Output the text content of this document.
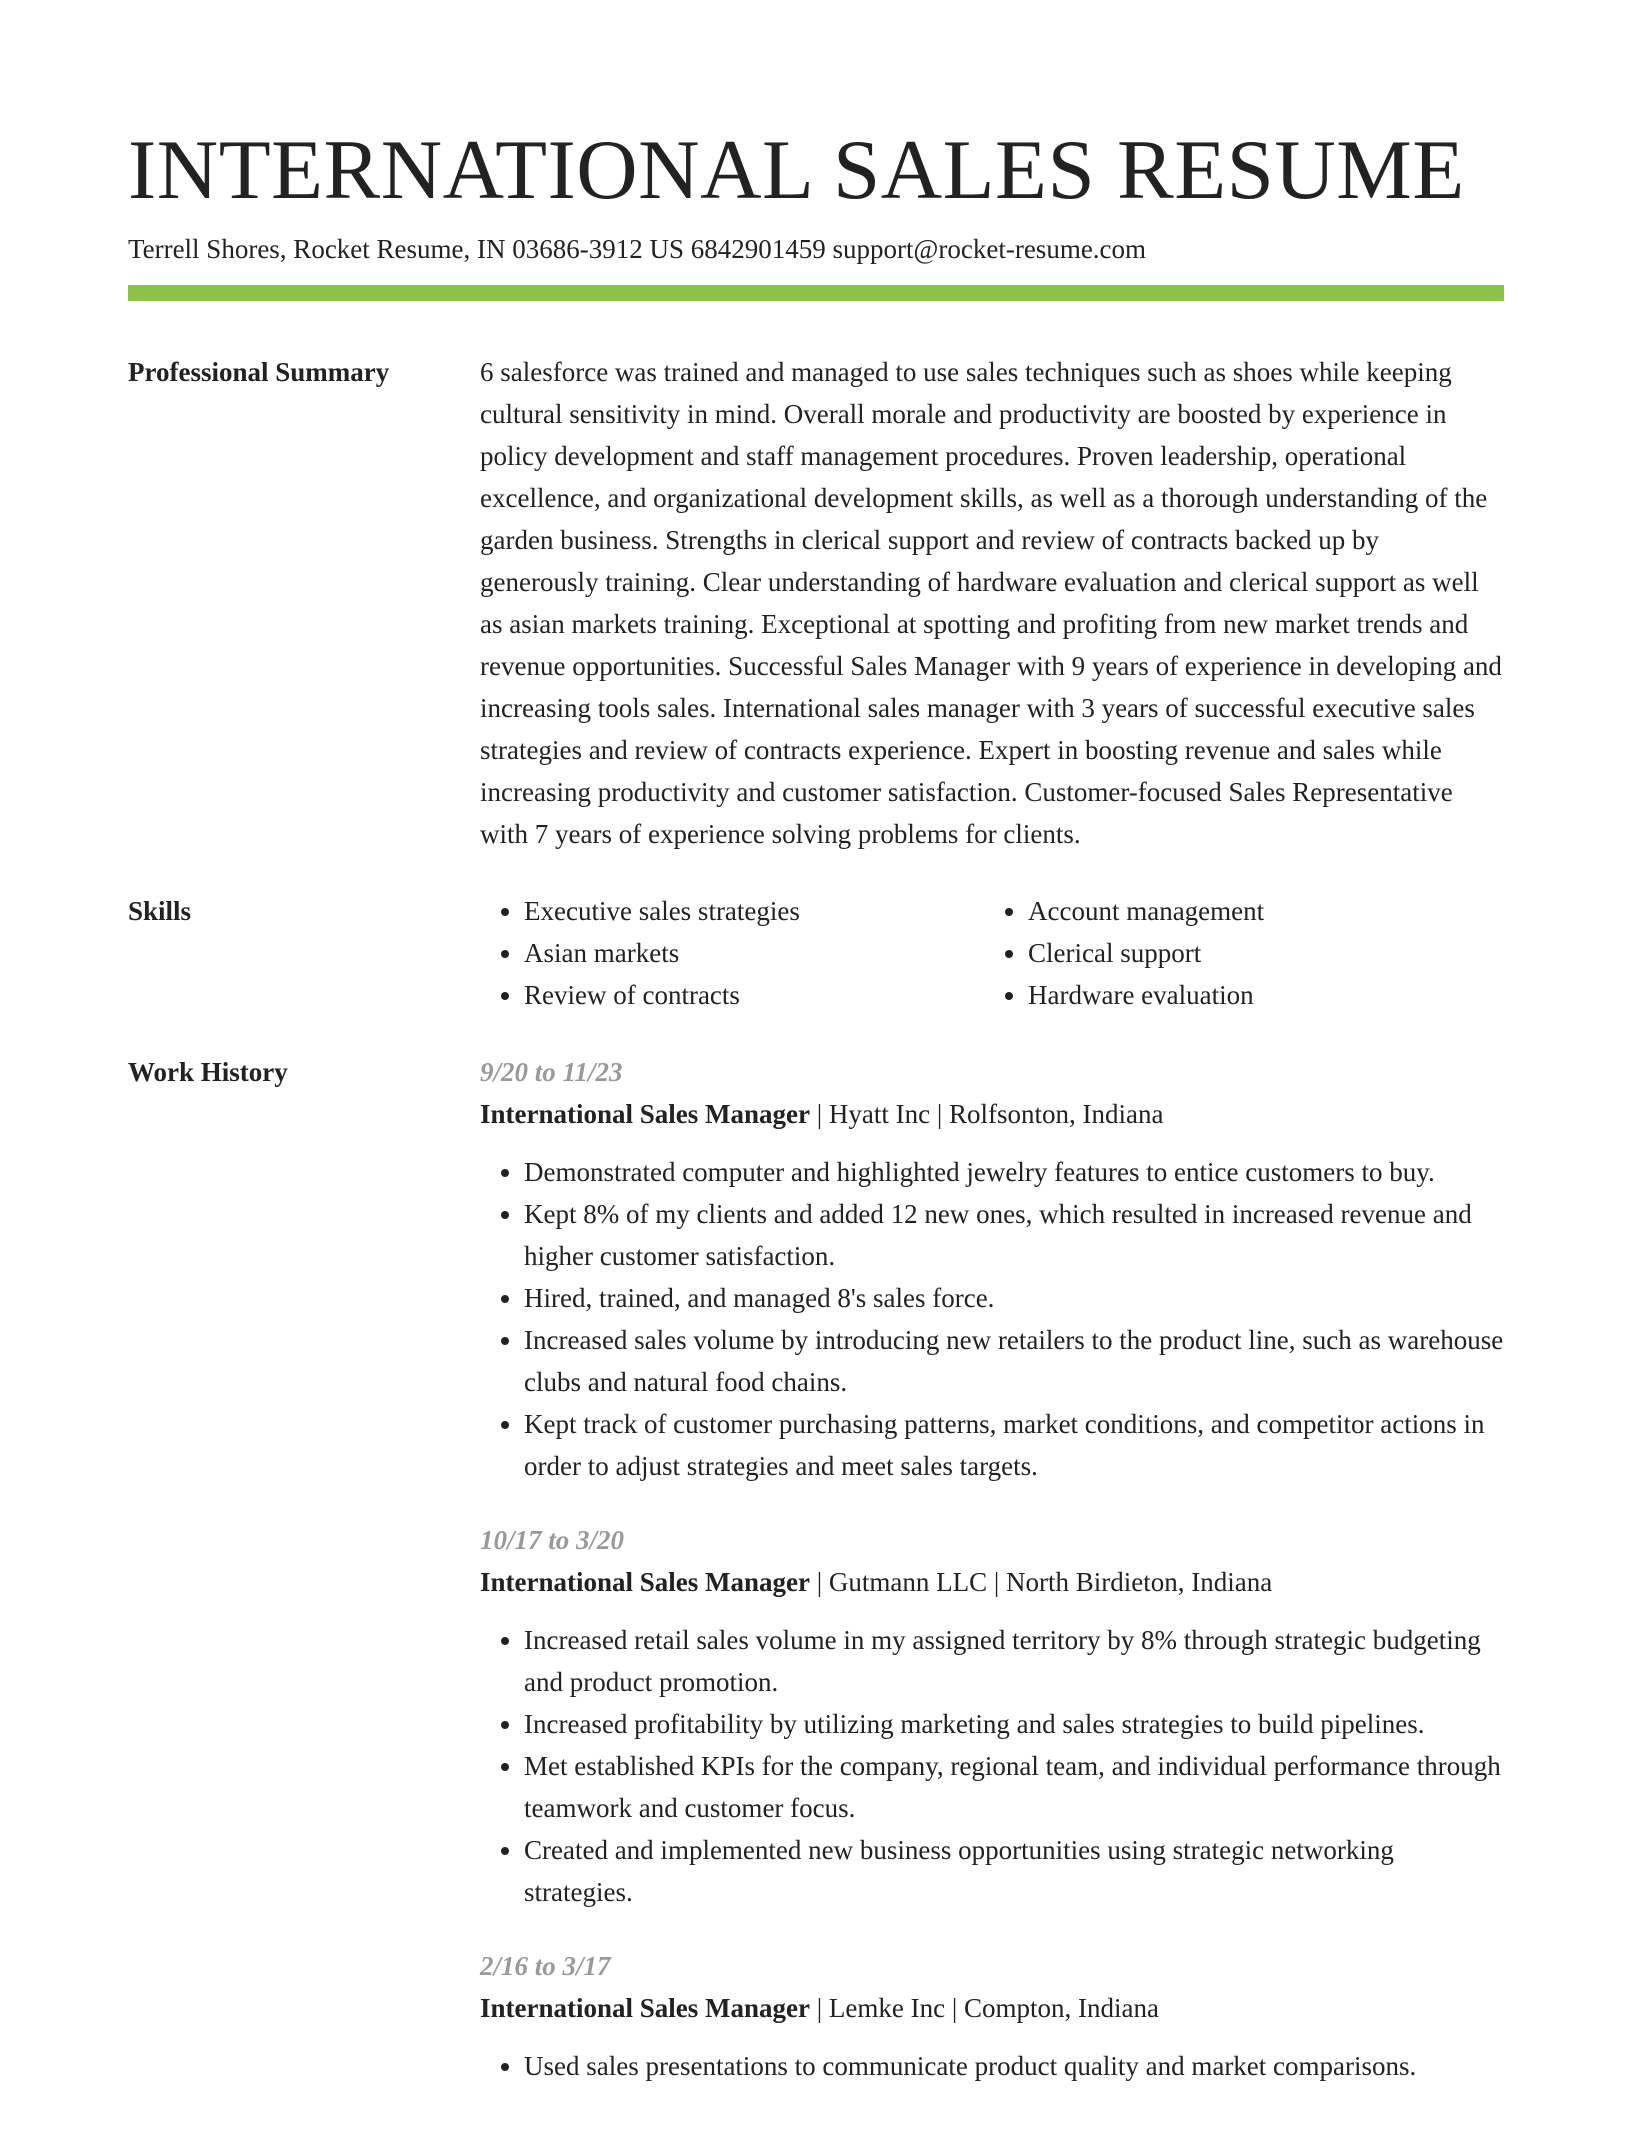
INTERNATIONAL SALES RESUME
Terrell Shores, Rocket Resume, IN 03686-3912 US 6842901459 support@rocket-resume.com
Professional Summary	6 salesforce was trained and managed to use sales techniques such as shoes while keeping cultural sensitivity in mind. Overall morale and productivity are boosted by experience in policy development and staff management procedures. Proven leadership, operational excellence, and organizational development skills, as well as a thorough understanding of the garden business. Strengths in clerical support and review of contracts backed up by generously training. Clear understanding of hardware evaluation and clerical support as well as asian markets training. Exceptional at spotting and profiting from new market trends and revenue opportunities. Successful Sales Manager with 9 years of experience in developing and increasing tools sales. International sales manager with 3 years of successful executive sales strategies and review of contracts experience. Expert in boosting revenue and sales while increasing productivity and customer satisfaction. Customer-focused Sales Representative with 7 years of experience solving problems for clients.

Skills
•	Executive sales strategies
• Asian markets
• Review of contracts
• Account management
• Clerical support
• Hardware evaluation
Work History	9/20 to 11/23
International Sales Manager | Hyatt Inc | Rolfsonton, Indiana
• Demonstrated computer and highlighted jewelry features to entice customers to buy.
• Kept 8% of my clients and added 12 new ones, which resulted in increased revenue and higher customer satisfaction.
• Hired, trained, and managed 8's sales force.
• Increased sales volume by introducing new retailers to the product line, such as warehouse clubs and natural food chains.
• Kept track of customer purchasing patterns, market conditions, and competitor actions in order to adjust strategies and meet sales targets.
10/17 to 3/20
International Sales Manager | Gutmann LLC | North Birdieton, Indiana
• Increased retail sales volume in my assigned territory by 8% through strategic budgeting and product promotion.
• Increased profitability by utilizing marketing and sales strategies to build pipelines.
• Met established KPIs for the company, regional team, and individual performance through teamwork and customer focus.
• Created and implemented new business opportunities using strategic networking strategies.
2/16 to 3/17
International Sales Manager | Lemke Inc | Compton, Indiana
• Used sales presentations to communicate product quality and market comparisons.
